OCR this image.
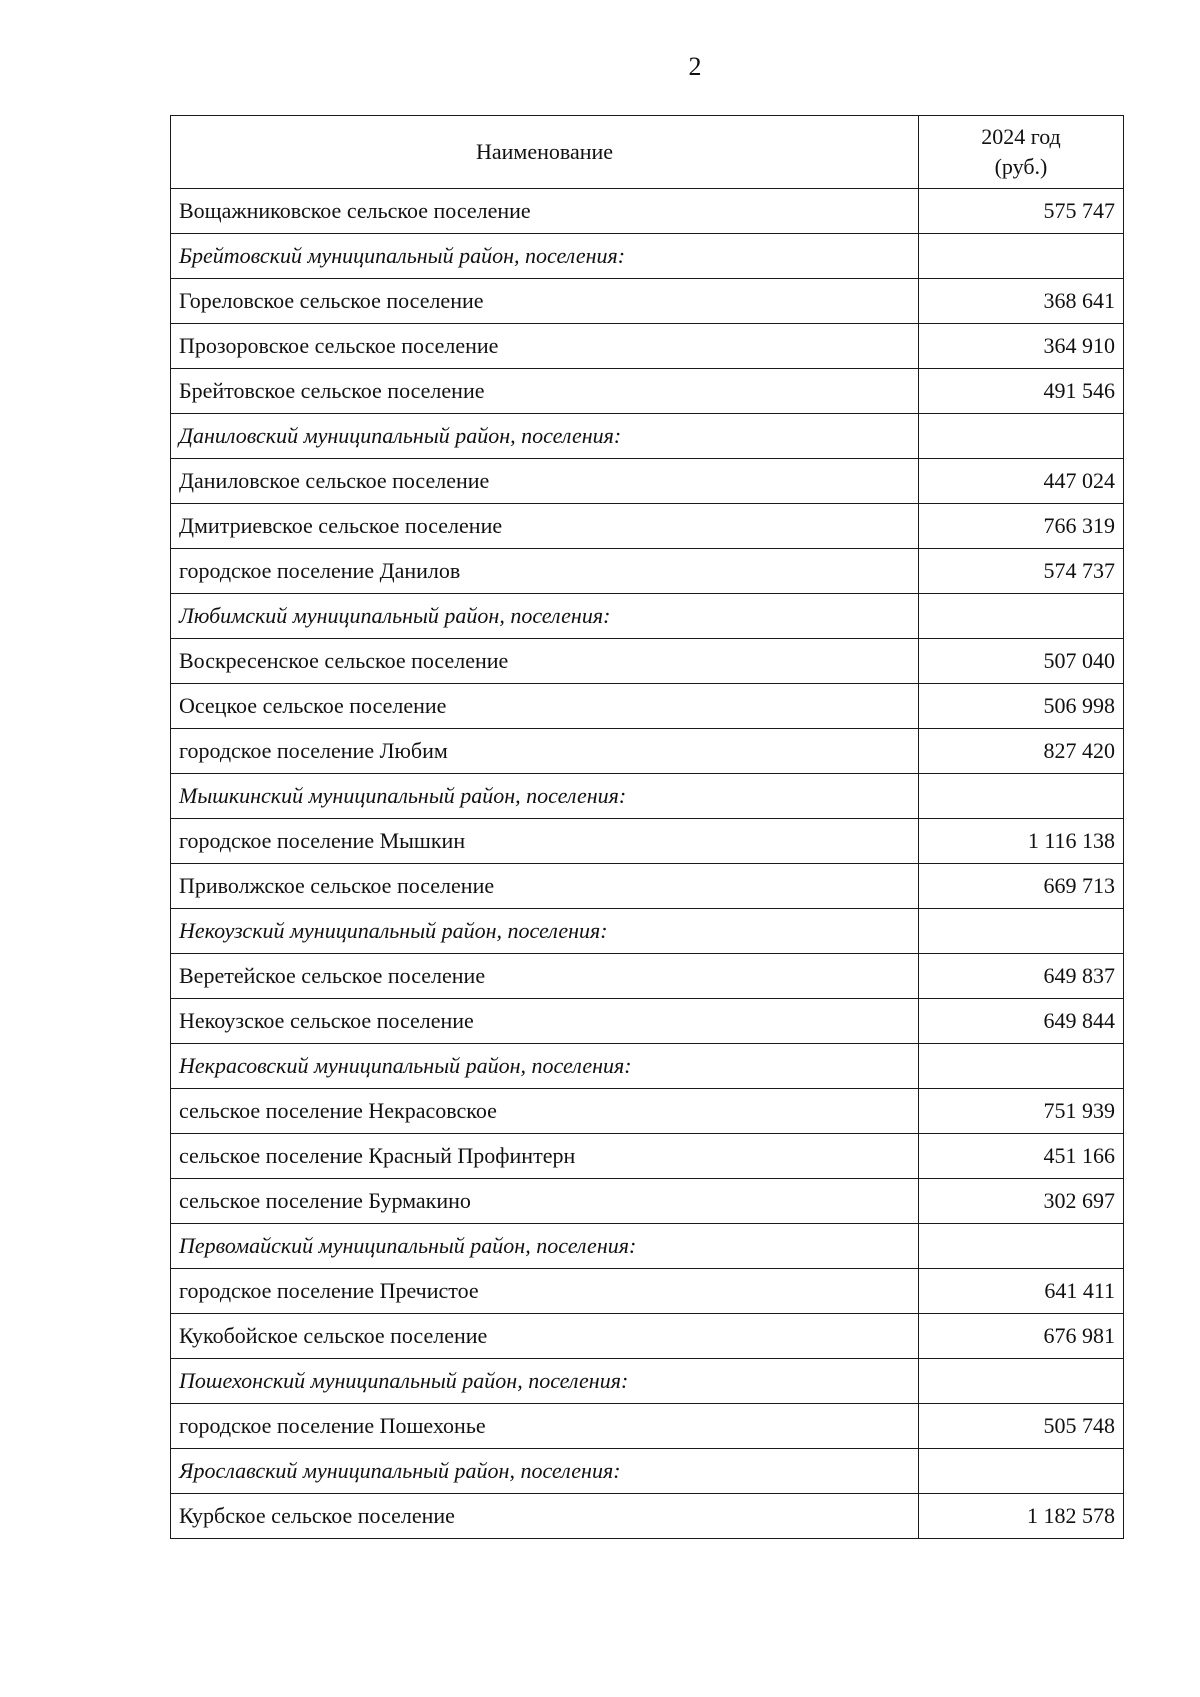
2
Наименование	2024 год
(руб.)

Вощажниковское сельское поселение	575 747
Брейтовский муниципальный район, поселения:	
Гореловское сельское поселение	368 641
Прозоровское сельское поселение	364 910
Брейтовское сельское поселение	491 546
Даниловский муниципальный район, поселения:	
Даниловское сельское поселение	447 024
Дмитриевское сельское поселение	766 319
городское поселение Данилов	574 737
Любимский муниципальный район, поселения:	
Воскресенское сельское поселение	507 040
Осецкое сельское поселение	506 998
городское поселение Любим	827 420
Мышкинский муниципальный район, поселения:	
городское поселение Мышкин	1 116 138
Приволжское сельское поселение	669 713
Некоузский муниципальный район, поселения:	
Веретейское сельское поселение	649 837
Некоузское сельское поселение	649 844
Некрасовский муниципальный район, поселения:	
сельское поселение Некрасовское	751 939
сельское поселение Красный Профинтерн	451 166
сельское поселение Бурмакино	302 697
Первомайский муниципальный район, поселения:	
городское поселение Пречистое	641 411
Кукобойское сельское поселение	676 981
Пошехонский муниципальный район, поселения:	
городское поселение Пошехонье	505 748
Ярославский муниципальный район, поселения:	
Курбское сельское поселение	1 182 578
